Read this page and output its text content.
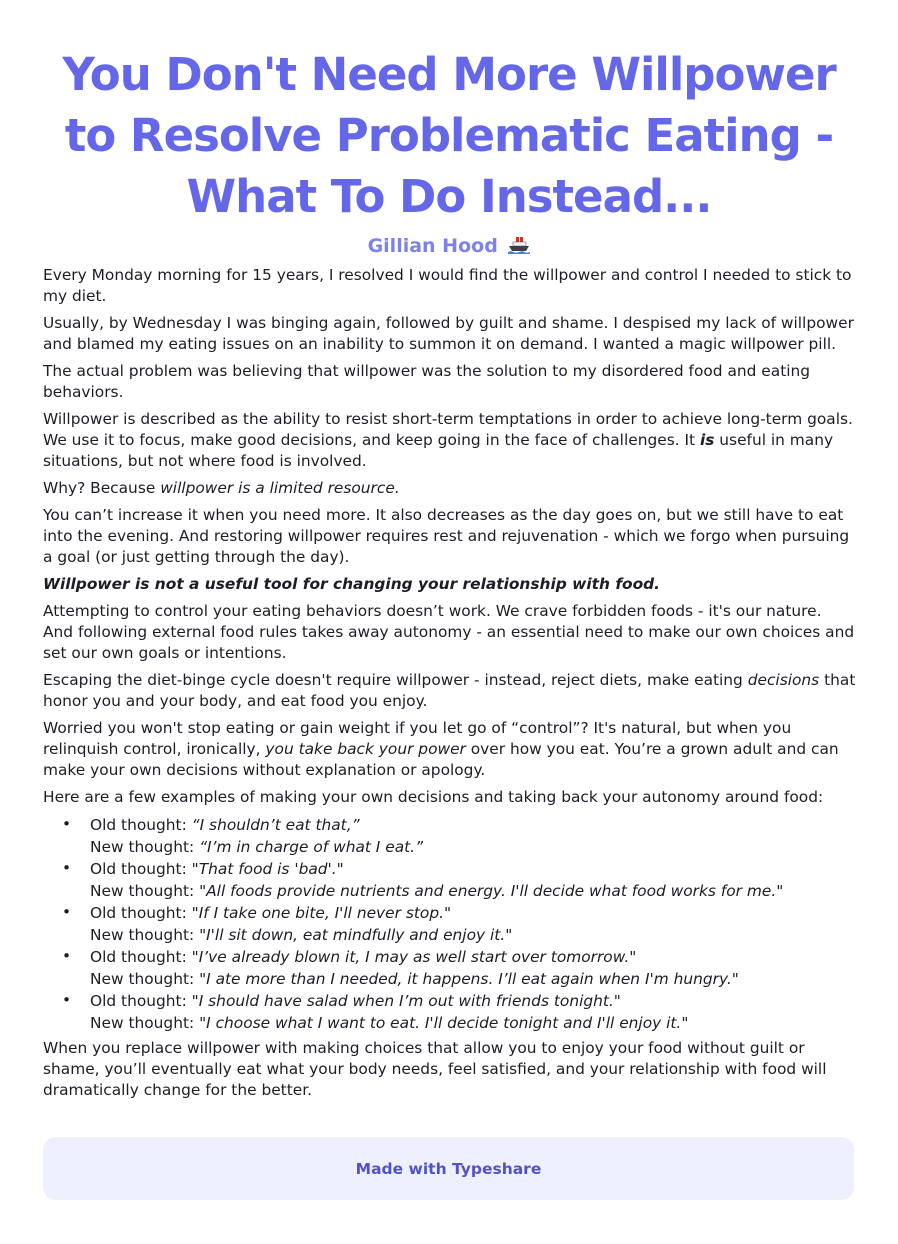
You Don't Need More Willpower to Resolve Problematic Eating - What To Do Instead...
Gillian Hood

Every Monday morning for 15 years, I resolved I would find the willpower and control I needed to stick to my diet.

Usually, by Wednesday I was binging again, followed by guilt and shame. I despised my lack of willpower and blamed my eating issues on an inability to summon it on demand. I wanted a magic willpower pill.

The actual problem was believing that willpower was the solution to my disordered food and eating behaviors.

Willpower is described as the ability to resist short-term temptations in order to achieve long-term goals. We use it to focus, make good decisions, and keep going in the face of challenges. It is useful in many situations, but not where food is involved.

Why? Because willpower is a limited resource.

You can’t increase it when you need more. It also decreases as the day goes on, but we still have to eat into the evening. And restoring willpower requires rest and rejuvenation - which we forgo when pursuing a goal (or just getting through the day).

Willpower is not a useful tool for changing your relationship with food.

Attempting to control your eating behaviors doesn’t work. We crave forbidden foods - it's our nature. And following external food rules takes away autonomy - an essential need to make our own choices and set our own goals or intentions.

Escaping the diet-binge cycle doesn't require willpower - instead, reject diets, make eating decisions that honor you and your body, and eat food you enjoy.

Worried you won't stop eating or gain weight if you let go of “control”? It's natural, but when you relinquish control, ironically, you take back your power over how you eat. You’re a grown adult and can make your own decisions without explanation or apology.

Here are a few examples of making your own decisions and taking back your autonomy around food:

• Old thought: “I shouldn’t eat that,”
New thought: “I’m in charge of what I eat.”
• Old thought: "That food is 'bad'."
New thought: "All foods provide nutrients and energy. I'll decide what food works for me."
• Old thought: "If I take one bite, I'll never stop."
New thought: "I'll sit down, eat mindfully and enjoy it."
• Old thought: "I’ve already blown it, I may as well start over tomorrow."
New thought: "I ate more than I needed, it happens. I’ll eat again when I'm hungry."
• Old thought: "I should have salad when I’m out with friends tonight."
New thought: "I choose what I want to eat. I'll decide tonight and I'll enjoy it."

When you replace willpower with making choices that allow you to enjoy your food without guilt or shame, you’ll eventually eat what your body needs, feel satisfied, and your relationship with food will dramatically change for the better.

Made with Typeshare
